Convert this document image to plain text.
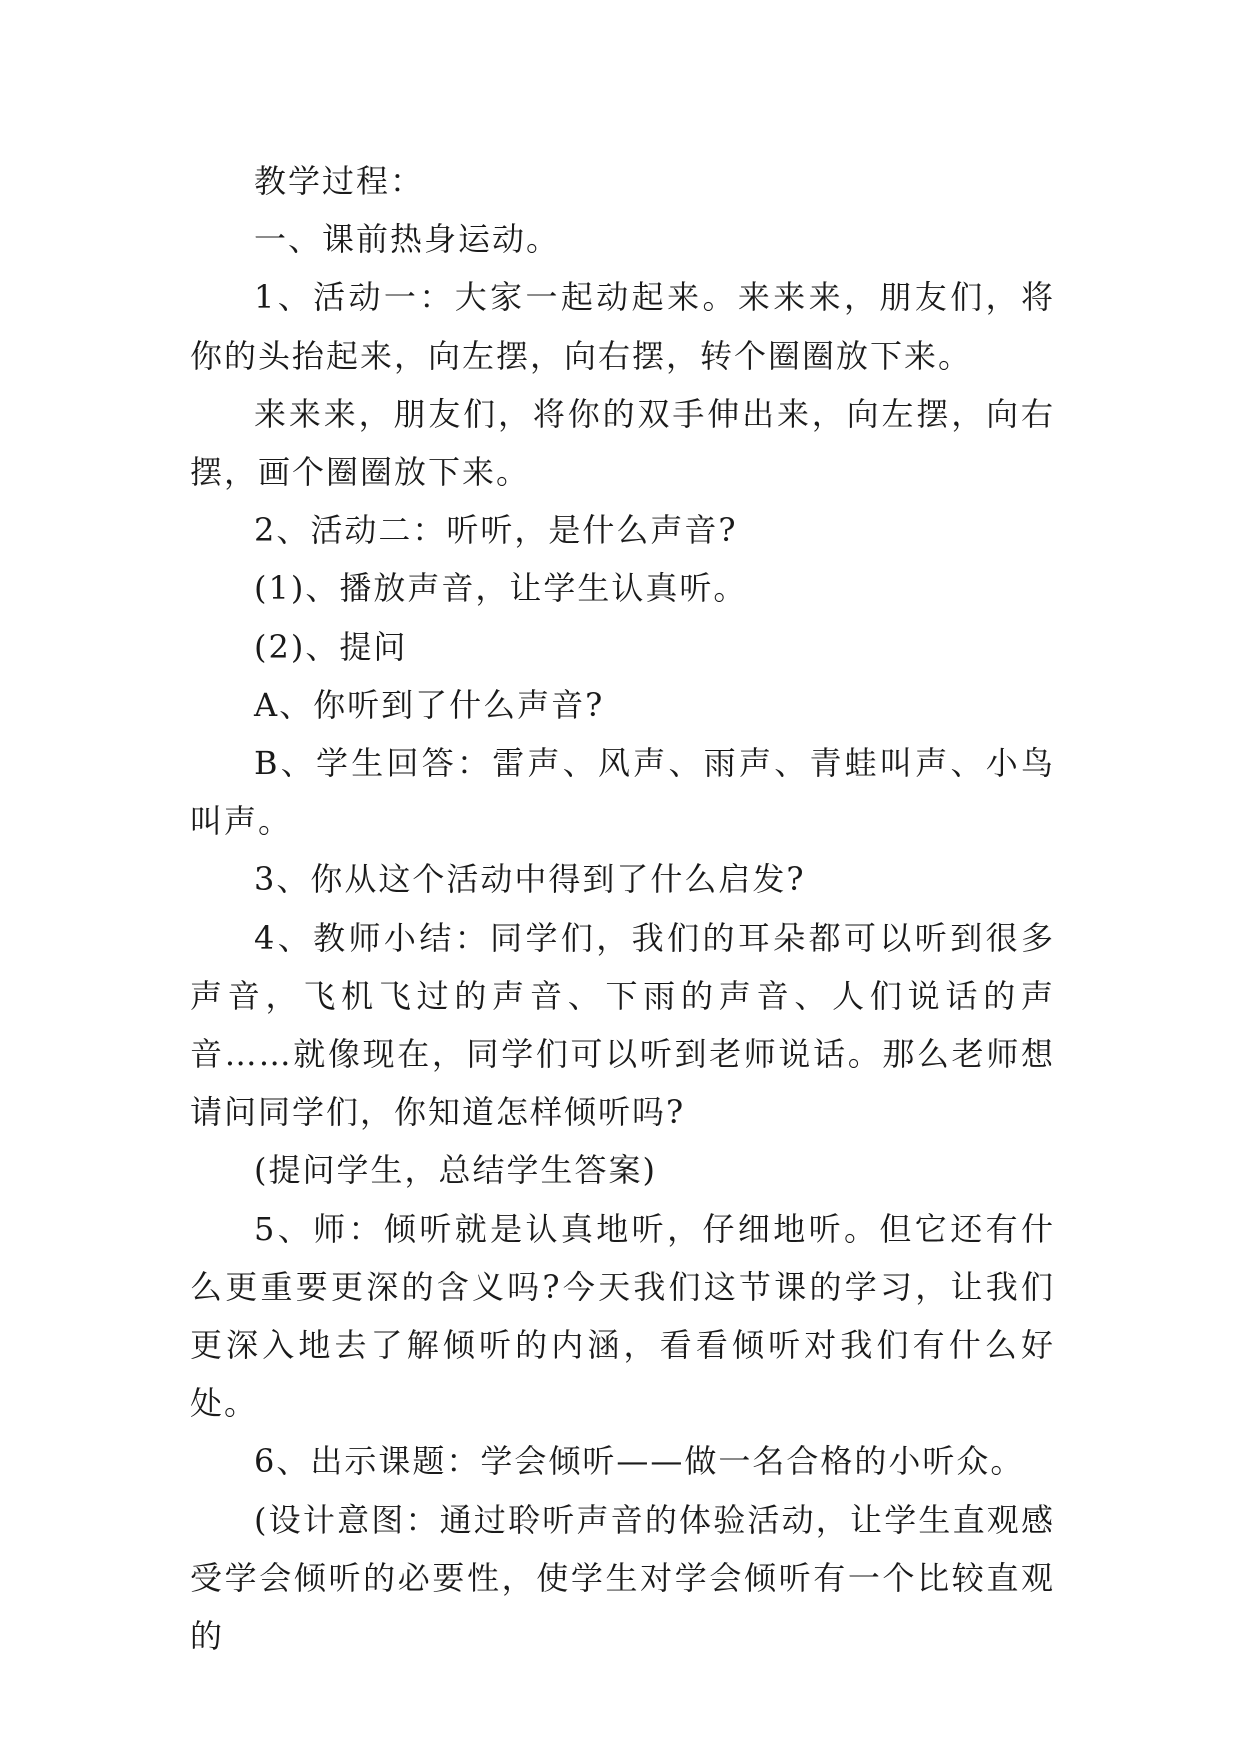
教学过程：

一、课前热身运动。

1、活动一：大家一起动起来。来来来，朋友们，将你的头抬起来，向左摆，向右摆，转个圈圈放下来。

来来来，朋友们，将你的双手伸出来，向左摆，向右摆，画个圈圈放下来。

2、活动二：听听，是什么声音?

(1)、播放声音，让学生认真听。

(2)、提问

A、你听到了什么声音?

B、学生回答：雷声、风声、雨声、青蛙叫声、小鸟叫声。

3、你从这个活动中得到了什么启发?

4、教师小结：同学们，我们的耳朵都可以听到很多声音，飞机飞过的声音、下雨的声音、人们说话的声音……就像现在，同学们可以听到老师说话。那么老师想请问同学们，你知道怎样倾听吗?

(提问学生，总结学生答案)

5、师：倾听就是认真地听，仔细地听。但它还有什么更重要更深的含义吗?今天我们这节课的学习，让我们更深入地去了解倾听的内涵，看看倾听对我们有什么好处。

6、出示课题：学会倾听——做一名合格的小听众。

(设计意图：通过聆听声音的体验活动，让学生直观感受学会倾听的必要性，使学生对学会倾听有一个比较直观的
